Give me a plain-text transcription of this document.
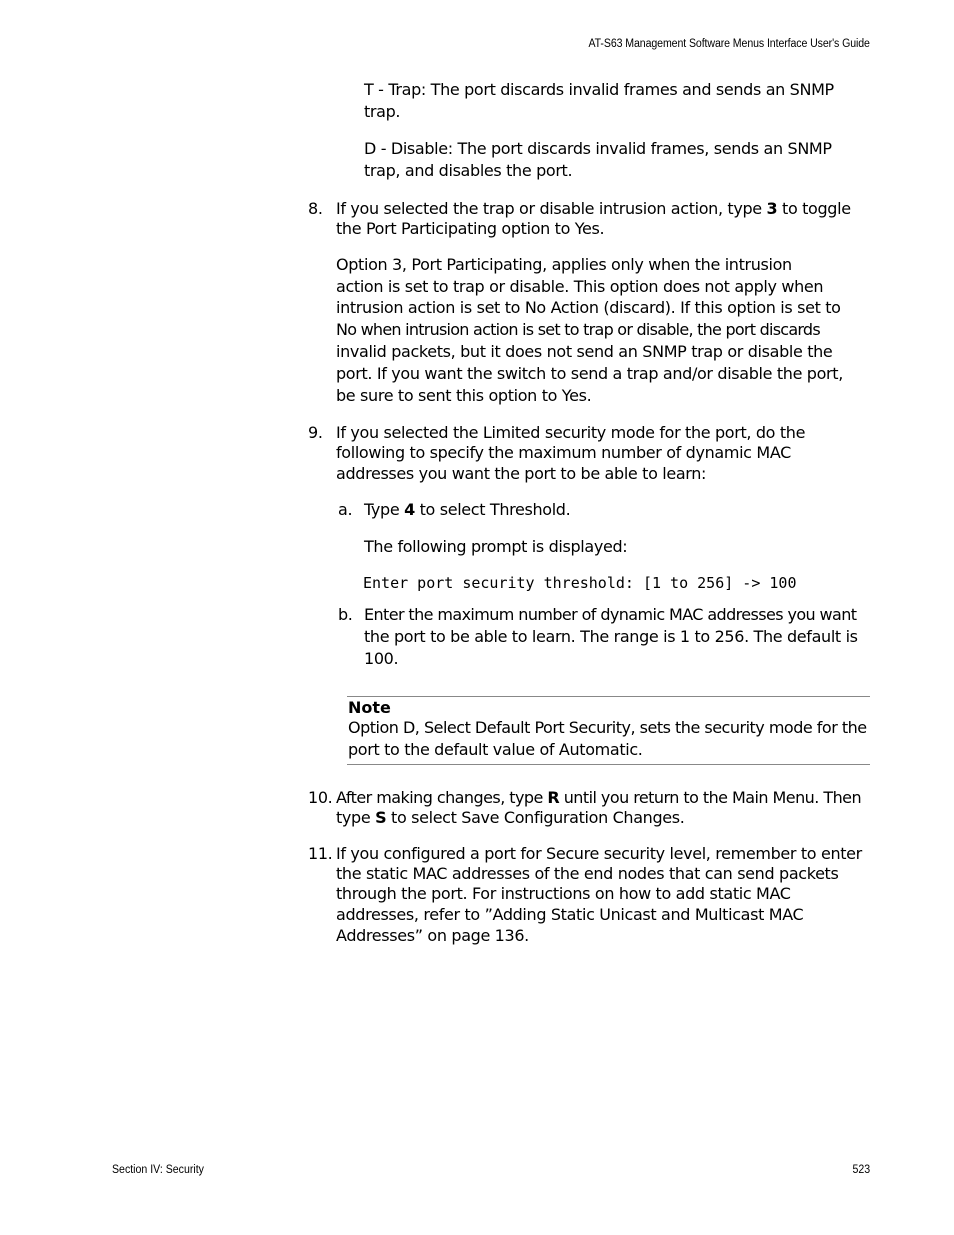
AT-S63 Management Software Menus Interface User's Guide
T - Trap: The port discards invalid frames and sends an SNMP
trap.
D - Disable: The port discards invalid frames, sends an SNMP
trap, and disables the port.
8. If you selected the trap or disable intrusion action, type 3 to toggle
the Port Participating option to Yes.
Option 3, Port Participating, applies only when the intrusion
action is set to trap or disable. This option does not apply when
intrusion action is set to No Action (discard). If this option is set to
No when intrusion action is set to trap or disable, the port discards
invalid packets, but it does not send an SNMP trap or disable the
port. If you want the switch to send a trap and/or disable the port,
be sure to sent this option to Yes.
9. If you selected the Limited security mode for the port, do the
following to specify the maximum number of dynamic MAC
addresses you want the port to be able to learn:
a. Type 4 to select Threshold.
The following prompt is displayed:
Enter port security threshold: [1 to 256] -> 100
b. Enter the maximum number of dynamic MAC addresses you want
the port to be able to learn. The range is 1 to 256. The default is
100.
Note
Option D, Select Default Port Security, sets the security mode for the
port to the default value of Automatic.
10. After making changes, type R until you return to the Main Menu. Then
type S to select Save Configuration Changes.
11. If you configured a port for Secure security level, remember to enter
the static MAC addresses of the end nodes that can send packets
through the port. For instructions on how to add static MAC
addresses, refer to ”Adding Static Unicast and Multicast MAC
Addresses” on page 136.
Section IV: Security	523
